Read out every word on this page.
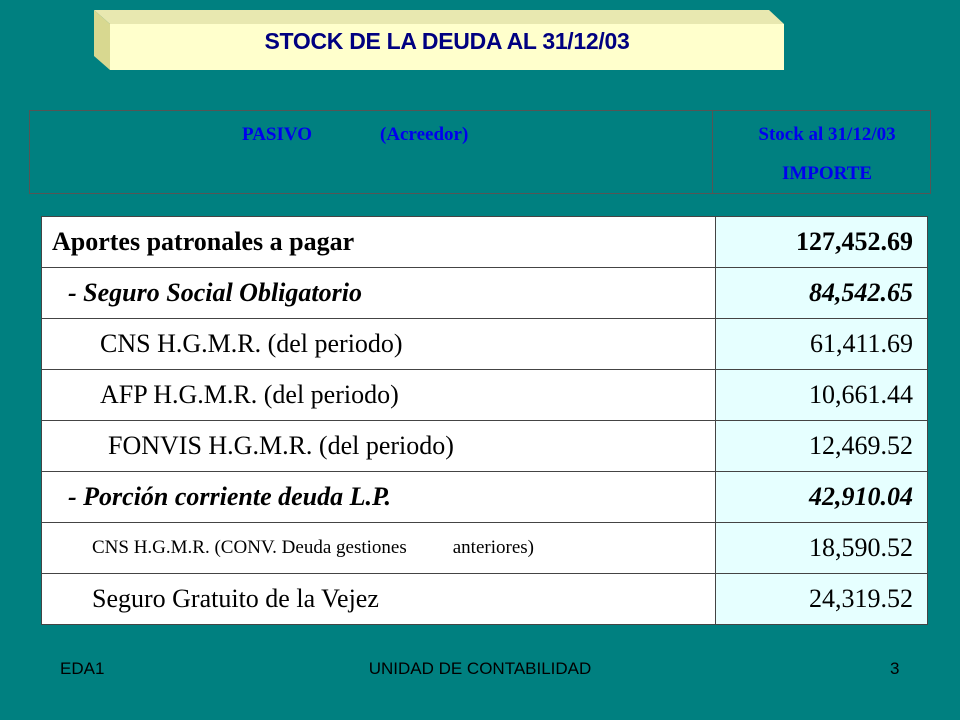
STOCK DE LA DEUDA AL 31/12/03
PASIVO	(Acreedor)	Stock al 31/12/03
IMPORTE
Aportes patronales a pagar	127,452.69
- Seguro Social Obligatorio	84,542.65
CNS H.G.M.R. (del periodo)	61,411.69
AFP H.G.M.R. (del periodo)	10,661.44
FONVIS H.G.M.R. (del periodo)	12,469.52
- Porción corriente deuda L.P.	42,910.04
CNS H.G.M.R. (CONV. Deuda gestiones anteriores)	18,590.52
Seguro Gratuito de la Vejez	24,319.52
EDA1	UNIDAD DE CONTABILIDAD	3
